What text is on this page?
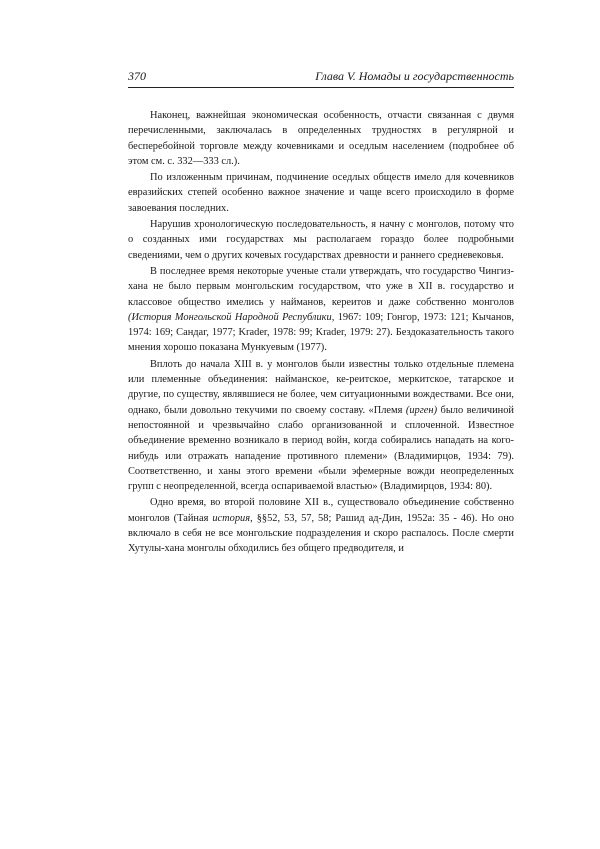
370	Глава V. Номады и государственность

Наконец, важнейшая экономическая особенность, отчасти связанная с двумя перечисленными, заключалась в определенных трудностях в регулярной и бесперебойной торговле между кочевниками и оседлым населением (подробнее об этом см. с. 332—333 сл.).

По изложенным причинам, подчинение оседлых обществ имело для кочевников евразийских степей особенно важное значение и чаще всего происходило в форме завоевания последних.

Нарушив хронологическую последовательность, я начну с монголов, потому что о созданных ими государствах мы располагаем гораздо более подробными сведениями, чем о других кочевых государствах древности и раннего средневековья.

В последнее время некоторые ученые стали утверждать, что государство Чингиз-хана не было первым монгольским государством, что уже в XII в. государство и классовое общество имелись у найманов, кереитов и даже собственно монголов (История Монгольской Народной Республики, 1967: 109; Гонгор, 1973: 121; Кычанов, 1974: 169; Сандаг, 1977; Krader, 1978: 99; Krader, 1979: 27). Бездоказательность такого мнения хорошо показана Мункуевым (1977).

Вплоть до начала XIII в. у монголов были известны только отдельные племена или племенные объединения: найманское, ке-реитское, меркитское, татарское и другие, по существу, являвшиеся не более, чем ситуационными вождествами. Все они, однако, были довольно текучими по своему составу. «Племя (ирген) было величиной непостоянной и чрезвычайно слабо организованной и сплоченной. Известное объединение временно возникало в период войн, когда собирались нападать на кого-нибудь или отражать нападение противного племени» (Владимирцов, 1934: 79). Соответственно, и ханы этого времени «были эфемерные вожди неопределенных групп с неопределенной, всегда оспариваемой властью» (Владимирцов, 1934: 80).

Одно время, во второй половине XII в., существовало объединение собственно монголов (Тайная история, §§52, 53, 57, 58; Рашид ад-Дин, 1952а: 35 - 46). Но оно включало в себя не все монгольские подразделения и скоро распалось. После смерти Хутулы-хана монголы обходились без общего предводителя, и
